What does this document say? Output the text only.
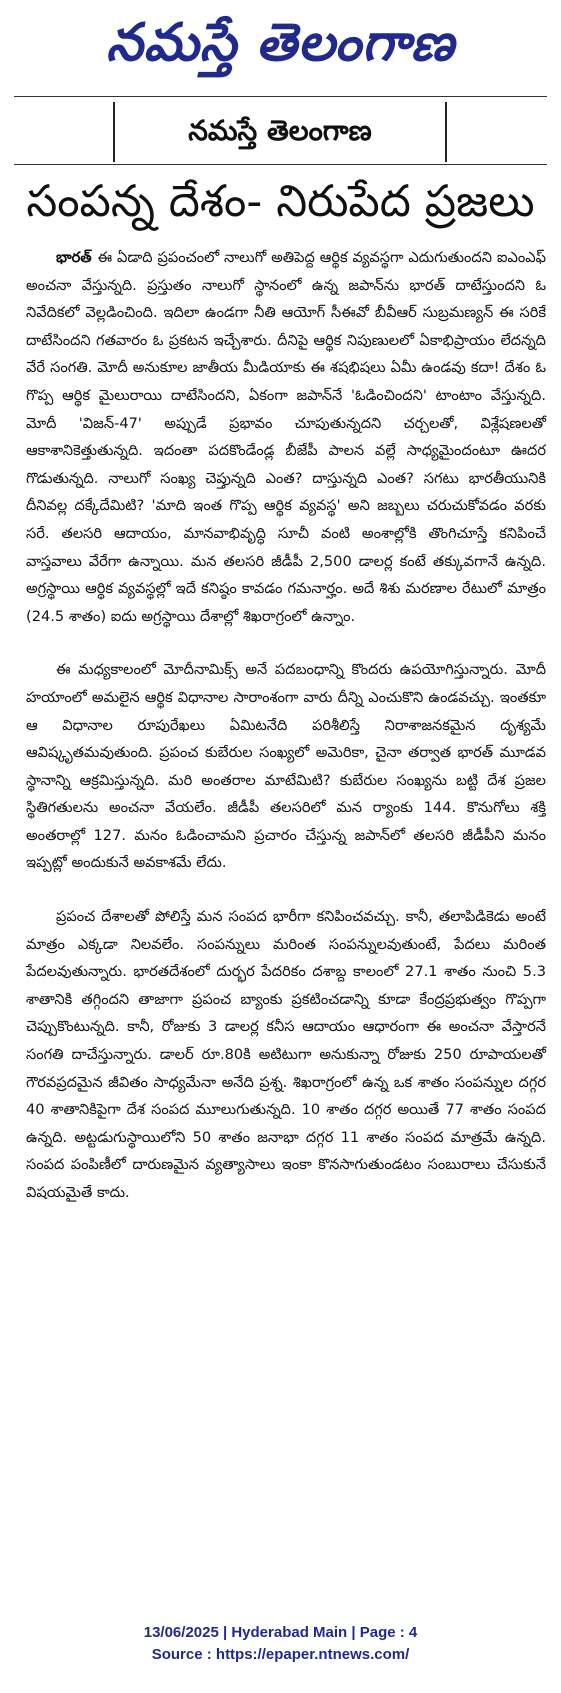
నమస్తే తెలంగాణ
నమస్తే తెలంగాణ
సంపన్న దేశం- నిరుపేద ప్రజలు

భారత్ ఈ ఏడాది ప్రపంచంలో నాలుగో అతిపెద్ద ఆర్థిక వ్యవస్థగా ఎదుగుతుందని ఐఎంఎఫ్ అంచనా వేస్తున్నది. ప్రస్తుతం నాలుగో స్థానంలో ఉన్న జపాన్‌ను భారత్ దాటేస్తుందని ఓ నివేదికలో వెల్లడించింది. ఇదిలా ఉండగా నీతి ఆయోగ్ సీఈవో బీవీఆర్ సుబ్రమణ్యన్ ఈ సరికే దాటేసిందని గతవారం ఓ ప్రకటన ఇచ్చేశారు. దీనిపై ఆర్థిక నిపుణులలో ఏకాభిప్రాయం లేదన్నది వేరే సంగతి. మోదీ అనుకూల జాతీయ మీడియాకు ఈ శషభిషలు ఏమీ ఉండవు కదా! దేశం ఓ గొప్ప ఆర్థిక మైలురాయి దాటేసిందని, ఏకంగా జపాన్‌నే 'ఓడించిందని' టాంటాం వేస్తున్నది. మోదీ 'విజన్-47' అప్పుడే ప్రభావం చూపుతున్నదని చర్చలతో, విశ్లేషణలతో ఆకాశానికెత్తుతున్నది. ఇదంతా పదకొండేండ్ల బీజేపీ పాలన వల్లే సాధ్యమైందంటూ ఊదర గొడుతున్నది. నాలుగో సంఖ్య చెప్తున్నది ఎంత? దాస్తున్నది ఎంత? సగటు భారతీయునికి దీనివల్ల దక్కేదేమిటి? 'మాది ఇంత గొప్ప ఆర్థిక వ్యవస్థ' అని జబ్బలు చరుచుకోవడం వరకు సరే. తలసరి ఆదాయం, మానవాభివృద్ధి సూచీ వంటి అంశాల్లోకి తొంగిచూస్తే కనిపించే వాస్తవాలు వేరేగా ఉన్నాయి. మన తలసరి జీడీపీ 2,500 డాలర్ల కంటే తక్కువగానే ఉన్నది. అగ్రస్థాయి ఆర్థిక వ్యవస్థల్లో ఇదే కనిష్ఠం కావడం గమనార్హం. అదే శిశు మరణాల రేటులో మాత్రం (24.5 శాతం) ఐదు అగ్రస్థాయి దేశాల్లో శిఖరాగ్రంలో ఉన్నాం.

ఈ మధ్యకాలంలో మోదీనామిక్స్ అనే పదబంధాన్ని కొందరు ఉపయోగిస్తున్నారు. మోదీ హయాంలో అమలైన ఆర్థిక విధానాల సారాంశంగా వారు దీన్ని ఎంచుకొని ఉండవచ్చు. ఇంతకూ ఆ విధానాల రూపురేఖలు ఏమిటనేది పరిశీలిస్తే నిరాశాజనకమైన దృశ్యమే ఆవిష్కృతమవుతుంది. ప్రపంచ కుబేరుల సంఖ్యలో అమెరికా, చైనా తర్వాత భారత్ మూడవ స్థానాన్ని ఆక్రమిస్తున్నది. మరి అంతరాల మాటేమిటి? కుబేరుల సంఖ్యను బట్టి దేశ ప్రజల స్థితిగతులను అంచనా వేయలేం. జీడీపీ తలసరిలో మన ర్యాంకు 144. కొనుగోలు శక్తి అంతరాల్లో 127. మనం ఓడించామని ప్రచారం చేస్తున్న జపాన్‌లో తలసరి జీడీపీని మనం ఇప్పట్లో అందుకునే అవకాశమే లేదు.

ప్రపంచ దేశాలతో పోలిస్తే మన సంపద భారీగా కనిపించవచ్చు. కానీ, తలాపిడికెడు అంటే మాత్రం ఎక్కడా నిలవలేం. సంపన్నులు మరింత సంపన్నులవుతుంటే, పేదలు మరింత పేదలవుతున్నారు. భారతదేశంలో దుర్భర పేదరికం దశాబ్ద కాలంలో 27.1 శాతం నుంచి 5.3 శాతానికి తగ్గిందని తాజాగా ప్రపంచ బ్యాంకు ప్రకటించడాన్ని కూడా కేంద్రప్రభుత్వం గొప్పగా చెప్పుకొంటున్నది. కానీ, రోజుకు 3 డాలర్ల కనీస ఆదాయం ఆధారంగా ఈ అంచనా వేస్తారనే సంగతి దాచేస్తున్నారు. డాలర్ రూ.80కి అటిటుగా అనుకున్నా రోజుకు 250 రూపాయలతో గౌరవప్రదమైన జీవితం సాధ్యమేనా అనేది ప్రశ్న. శిఖరాగ్రంలో ఉన్న ఒక శాతం సంపన్నుల దగ్గర 40 శాతానికిపైగా దేశ సంపద మూలుగుతున్నది. 10 శాతం దగ్గర అయితే 77 శాతం సంపద ఉన్నది. అట్టడుగుస్థాయిలోని 50 శాతం జనాభా దగ్గర 11 శాతం సంపద మాత్రమే ఉన్నది. సంపద పంపిణీలో దారుణమైన వ్యత్యాసాలు ఇంకా కొనసాగుతుండటం సంబురాలు చేసుకునే విషయమైతే కాదు.

13/06/2025 | Hyderabad Main | Page : 4
Source : https://epaper.ntnews.com/
